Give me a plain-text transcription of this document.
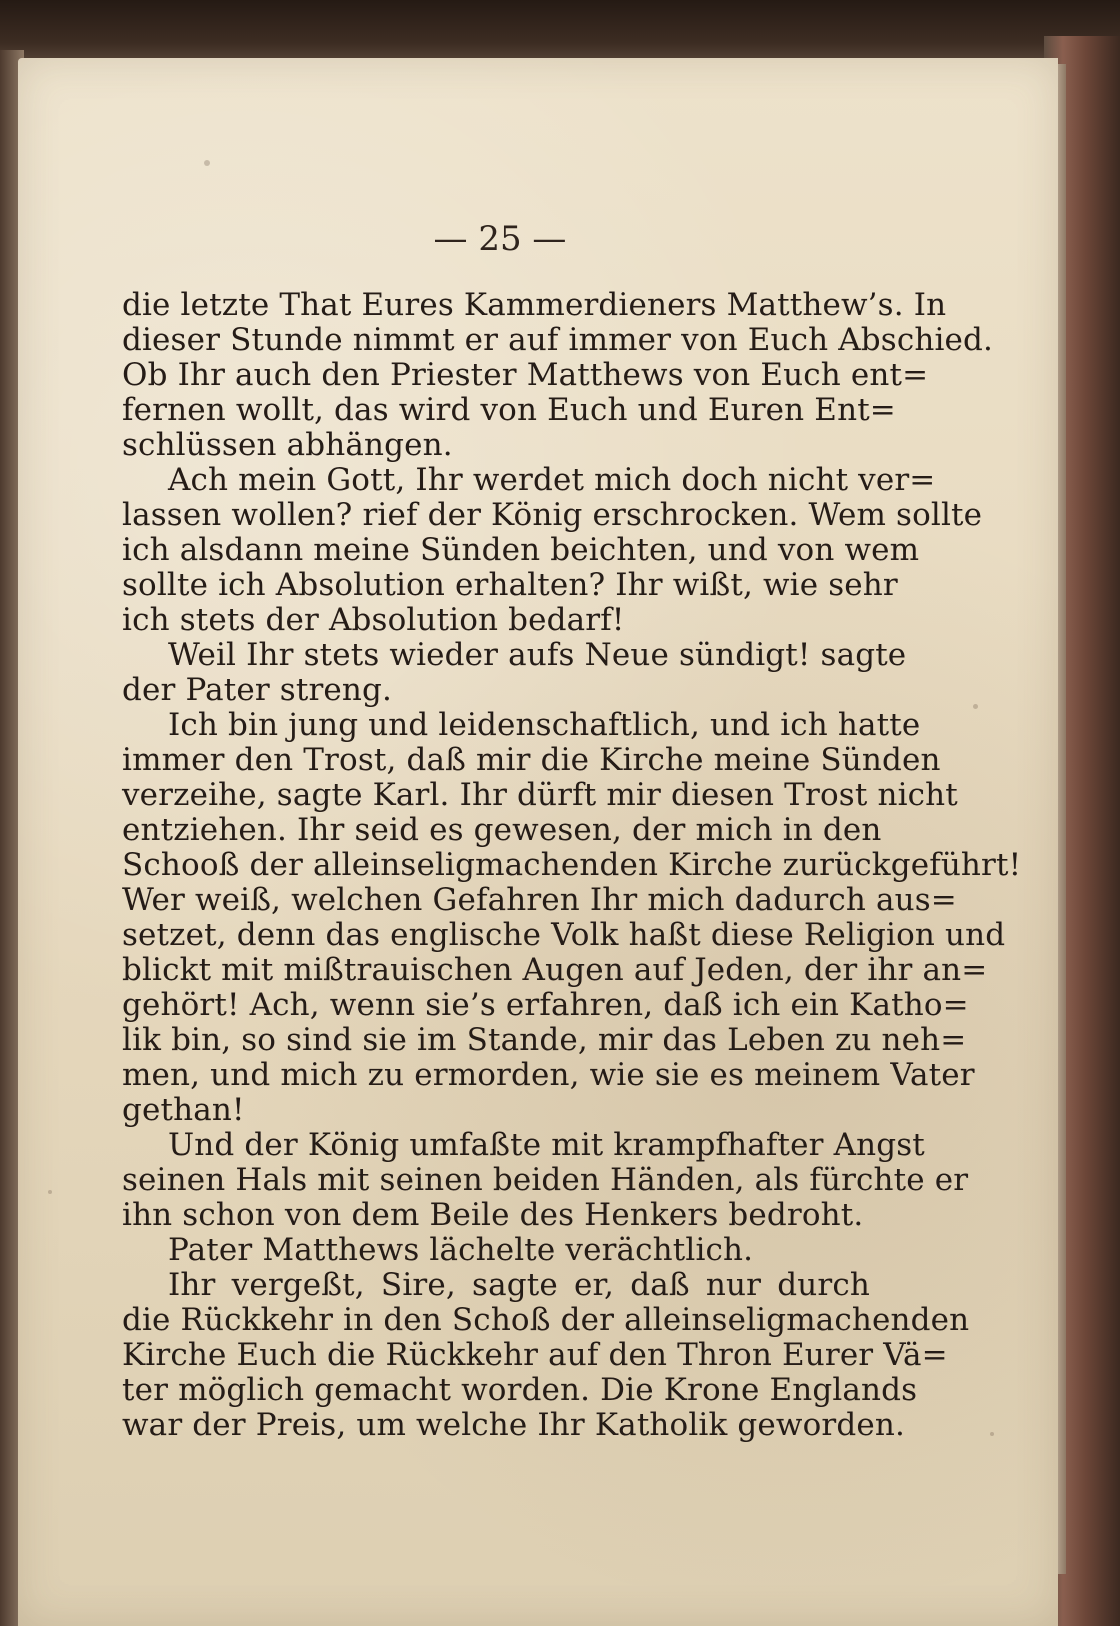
— 25 —
die letzte That Eures Kammerdieners Matthew’s. In
dieser Stunde nimmt er auf immer von Euch Abschied.
Ob Ihr auch den Priester Matthews von Euch ent=
fernen wollt, das wird von Euch und Euren Ent=
schlüssen abhängen.
Ach mein Gott, Ihr werdet mich doch nicht ver=
lassen wollen? rief der König erschrocken. Wem sollte
ich alsdann meine Sünden beichten, und von wem
sollte ich Absolution erhalten? Ihr wißt, wie sehr
ich stets der Absolution bedarf!
Weil Ihr stets wieder aufs Neue sündigt! sagte
der Pater streng.
Ich bin jung und leidenschaftlich, und ich hatte
immer den Trost, daß mir die Kirche meine Sünden
verzeihe, sagte Karl. Ihr dürft mir diesen Trost nicht
entziehen. Ihr seid es gewesen, der mich in den
Schooß der alleinseligmachenden Kirche zurückgeführt!
Wer weiß, welchen Gefahren Ihr mich dadurch aus=
setzet, denn das englische Volk haßt diese Religion und
blickt mit mißtrauischen Augen auf Jeden, der ihr an=
gehört! Ach, wenn sie’s erfahren, daß ich ein Katho=
lik bin, so sind sie im Stande, mir das Leben zu neh=
men, und mich zu ermorden, wie sie es meinem Vater
gethan!
Und der König umfaßte mit krampfhafter Angst
seinen Hals mit seinen beiden Händen, als fürchte er
ihn schon von dem Beile des Henkers bedroht.
Pater Matthews lächelte verächtlich.
Ihr vergeßt, Sire, sagte er, daß nur durch
die Rückkehr in den Schoß der alleinseligmachenden
Kirche Euch die Rückkehr auf den Thron Eurer Vä=
ter möglich gemacht worden. Die Krone Englands
war der Preis, um welche Ihr Katholik geworden.
